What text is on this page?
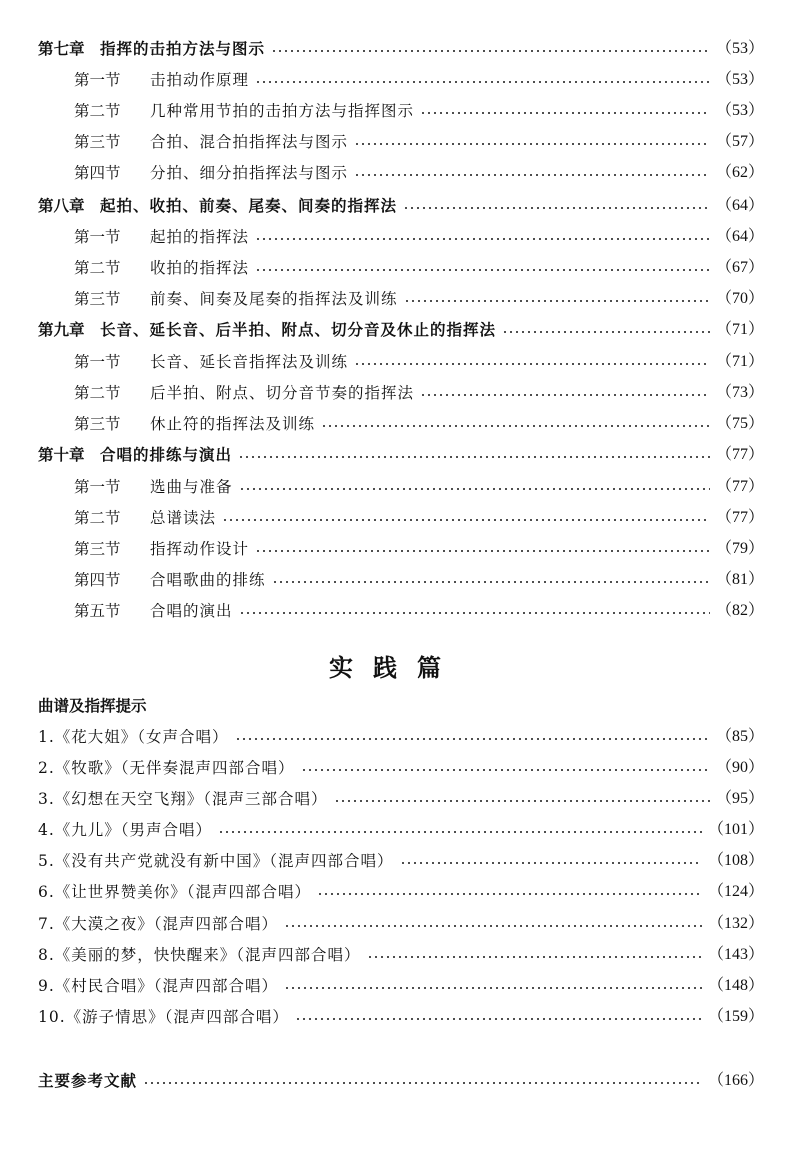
第七章 指挥的击拍方法与图示	（53）
第一节	击拍动作原理	（53）
第二节	几种常用节拍的击拍方法与指挥图示	（53）
第三节	合拍、混合拍指挥法与图示	（57）
第四节	分拍、细分拍指挥法与图示	（62）
第八章 起拍、收拍、前奏、尾奏、间奏的指挥法	（64）
第一节	起拍的指挥法	（64）
第二节	收拍的指挥法	（67）
第三节	前奏、间奏及尾奏的指挥法及训练	（70）
第九章 长音、延长音、后半拍、附点、切分音及休止的指挥法	（71）
第一节	长音、延长音指挥法及训练	（71）
第二节	后半拍、附点、切分音节奏的指挥法	（73）
第三节	休止符的指挥法及训练	（75）
第十章 合唱的排练与演出	（77）
第一节	选曲与准备	（77）
第二节	总谱读法	（77）
第三节	指挥动作设计	（79）
第四节	合唱歌曲的排练	（81）
第五节	合唱的演出	（82）
实践篇
曲谱及指挥提示
1.《花大姐》（女声合唱）	（85）
2.《牧歌》（无伴奏混声四部合唱）	（90）
3.《幻想在天空飞翔》（混声三部合唱）	（95）
4.《九儿》（男声合唱）	（101）
5.《没有共产党就没有新中国》（混声四部合唱）	（108）
6.《让世界赞美你》（混声四部合唱）	（124）
7.《大漠之夜》（混声四部合唱）	（132）
8.《美丽的梦，快快醒来》（混声四部合唱）	（143）
9.《村民合唱》（混声四部合唱）	（148）
10.《游子情思》（混声四部合唱）	（159）
主要参考文献	（166）
